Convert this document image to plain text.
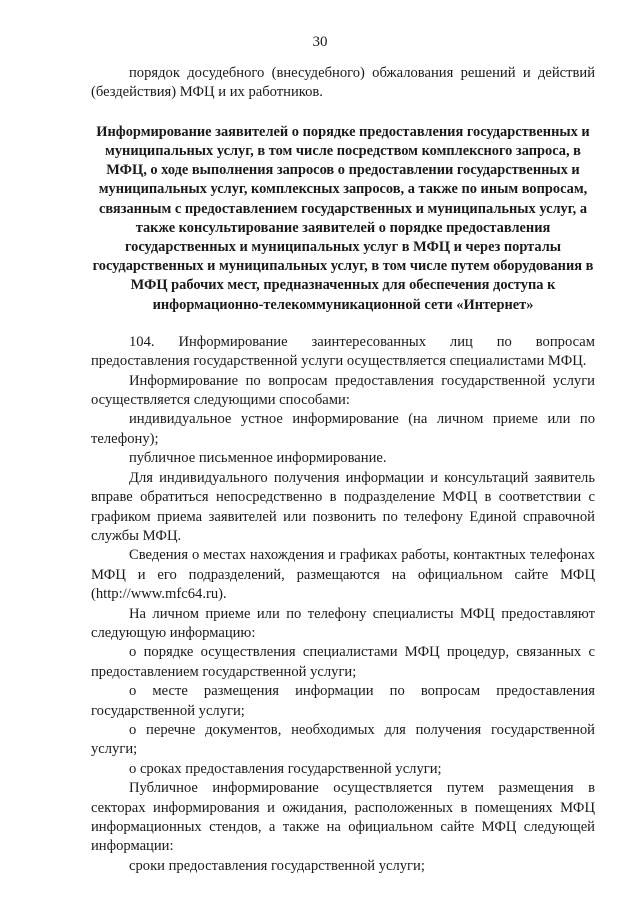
30

порядок досудебного (внесудебного) обжалования решений и действий (бездействия) МФЦ и их работников.

Информирование заявителей о порядке предоставления государственных и муниципальных услуг, в том числе посредством комплексного запроса, в МФЦ, о ходе выполнения запросов о предоставлении государственных и муниципальных услуг, комплексных запросов, а также по иным вопросам, связанным с предоставлением государственных и муниципальных услуг, а также консультирование заявителей о порядке предоставления государственных и муниципальных услуг в МФЦ и через порталы государственных и муниципальных услуг, в том числе путем оборудования в МФЦ рабочих мест, предназначенных для обеспечения доступа к информационно-телекоммуникационной сети «Интернет»

104. Информирование заинтересованных лиц по вопросам предоставления государственной услуги осуществляется специалистами МФЦ.

Информирование по вопросам предоставления государственной услуги осуществляется следующими способами:

индивидуальное устное информирование (на личном приеме или по телефону);

публичное письменное информирование.

Для индивидуального получения информации и консультаций заявитель вправе обратиться непосредственно в подразделение МФЦ в соответствии с графиком приема заявителей или позвонить по телефону Единой справочной службы МФЦ.

Сведения о местах нахождения и графиках работы, контактных телефонах МФЦ и его подразделений, размещаются на официальном сайте МФЦ (http://www.mfc64.ru).

На личном приеме или по телефону специалисты МФЦ предоставляют следующую информацию:

о порядке осуществления специалистами МФЦ процедур, связанных с предоставлением государственной услуги;

о месте размещения информации по вопросам предоставления государственной услуги;

о перечне документов, необходимых для получения государственной услуги;

о сроках предоставления государственной услуги;

Публичное информирование осуществляется путем размещения в секторах информирования и ожидания, расположенных в помещениях МФЦ информационных стендов, а также на официальном сайте МФЦ следующей информации:

сроки предоставления государственной услуги;
